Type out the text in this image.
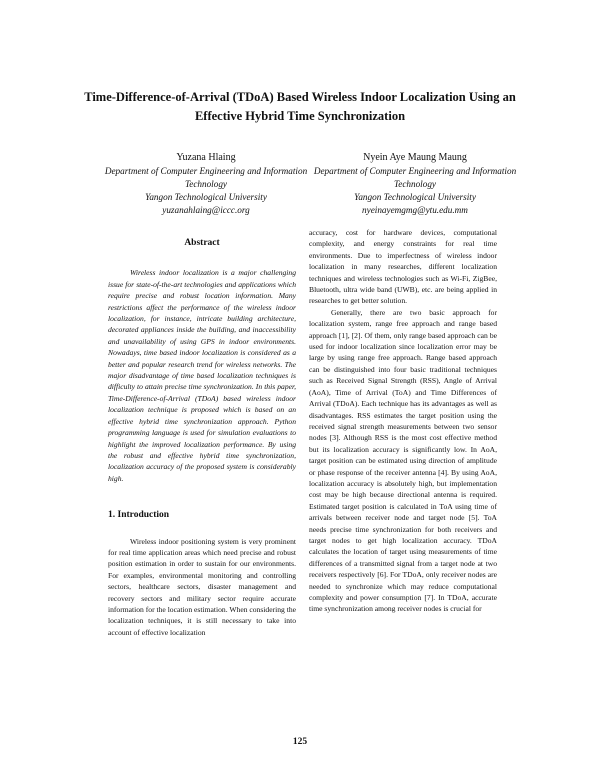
Time-Difference-of-Arrival (TDoA) Based Wireless Indoor Localization Using an Effective Hybrid Time Synchronization
Yuzana Hlaing
Department of Computer Engineering and Information Technology
Yangon Technological University
yuzanahlaing@iccc.org
Nyein Aye Maung Maung
Department of Computer Engineering and Information Technology
Yangon Technological University
nyeinayemgmg@ytu.edu.mm
Abstract

Wireless indoor localization is a major challenging issue for state-of-the-art technologies and applications which require precise and robust location information. Many restrictions affect the performance of the wireless indoor localization, for instance, intricate building architecture, decorated appliances inside the building, and inaccessibility and unavailability of using GPS in indoor environments. Nowadays, time based indoor localization is considered as a better and popular research trend for wireless networks. The major disadvantage of time based localization techniques is difficulty to attain precise time synchronization. In this paper, Time-Difference-of-Arrival (TDoA) based wireless indoor localization technique is proposed which is based on an effective hybrid time synchronization approach. Python programming language is used for simulation evaluations to highlight the improved localization performance. By using the robust and effective hybrid time synchronization, localization accuracy of the proposed system is considerably high.

1. Introduction

Wireless indoor positioning system is very prominent for real time application areas which need precise and robust position estimation in order to sustain for our environments. For examples, environmental monitoring and controlling sectors, healthcare sectors, disaster management and recovery sectors and military sector require accurate information for the location estimation. When considering the localization techniques, it is still necessary to take into account of effective localization

accuracy, cost for hardware devices, computational complexity, and energy constraints for real time environments. Due to imperfectness of wireless indoor localization in many researches, different localization techniques and wireless technologies such as Wi-Fi, ZigBee, Bluetooth, ultra wide band (UWB), etc. are being applied in researches to get better solution.

Generally, there are two basic approach for localization system, range free approach and range based approach [1], [2]. Of them, only range based approach can be used for indoor localization since localization error may be large by using range free approach. Range based approach can be distinguished into four basic traditional techniques such as Received Signal Strength (RSS), Angle of Arrival (AoA), Time of Arrival (ToA) and Time Differences of Arrival (TDoA). Each technique has its advantages as well as disadvantages. RSS estimates the target position using the received signal strength measurements between two sensor nodes [3]. Although RSS is the most cost effective method but its localization accuracy is significantly low. In AoA, target position can be estimated using direction of amplitude or phase response of the receiver antenna [4]. By using AoA, localization accuracy is absolutely high, but implementation cost may be high because directional antenna is required. Estimated target position is calculated in ToA using time of arrivals between receiver node and target node [5]. ToA needs precise time synchronization for both receivers and target nodes to get high localization accuracy. TDoA calculates the location of target using measurements of time differences of a transmitted signal from a target node at two receivers respectively [6]. For TDoA, only receiver nodes are needed to synchronize which may reduce computational complexity and power consumption [7]. In TDoA, accurate time synchronization among receiver nodes is crucial for

125
